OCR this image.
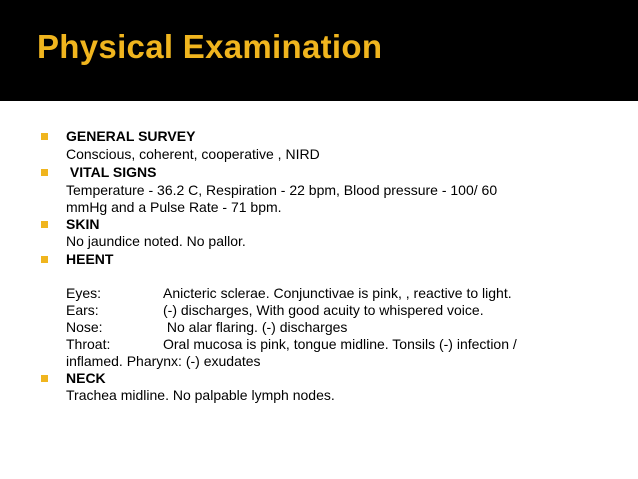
Physical Examination
GENERAL SURVEY
Conscious, coherent, cooperative , NIRD
VITAL SIGNS
Temperature - 36.2 C, Respiration - 22 bpm, Blood pressure - 100/ 60
mmHg and a Pulse Rate - 71 bpm.
SKIN
No jaundice noted. No pallor.
HEENT
Eyes:	Anicteric sclerae. Conjunctivae is pink, , reactive to light.
Ears:	(-) discharges, With good acuity to whispered voice.
Nose:	No alar flaring. (-) discharges
Throat:	Oral mucosa is pink, tongue midline. Tonsils (-) infection /
inflamed. Pharynx: (-) exudates
NECK
Trachea midline. No palpable lymph nodes.
